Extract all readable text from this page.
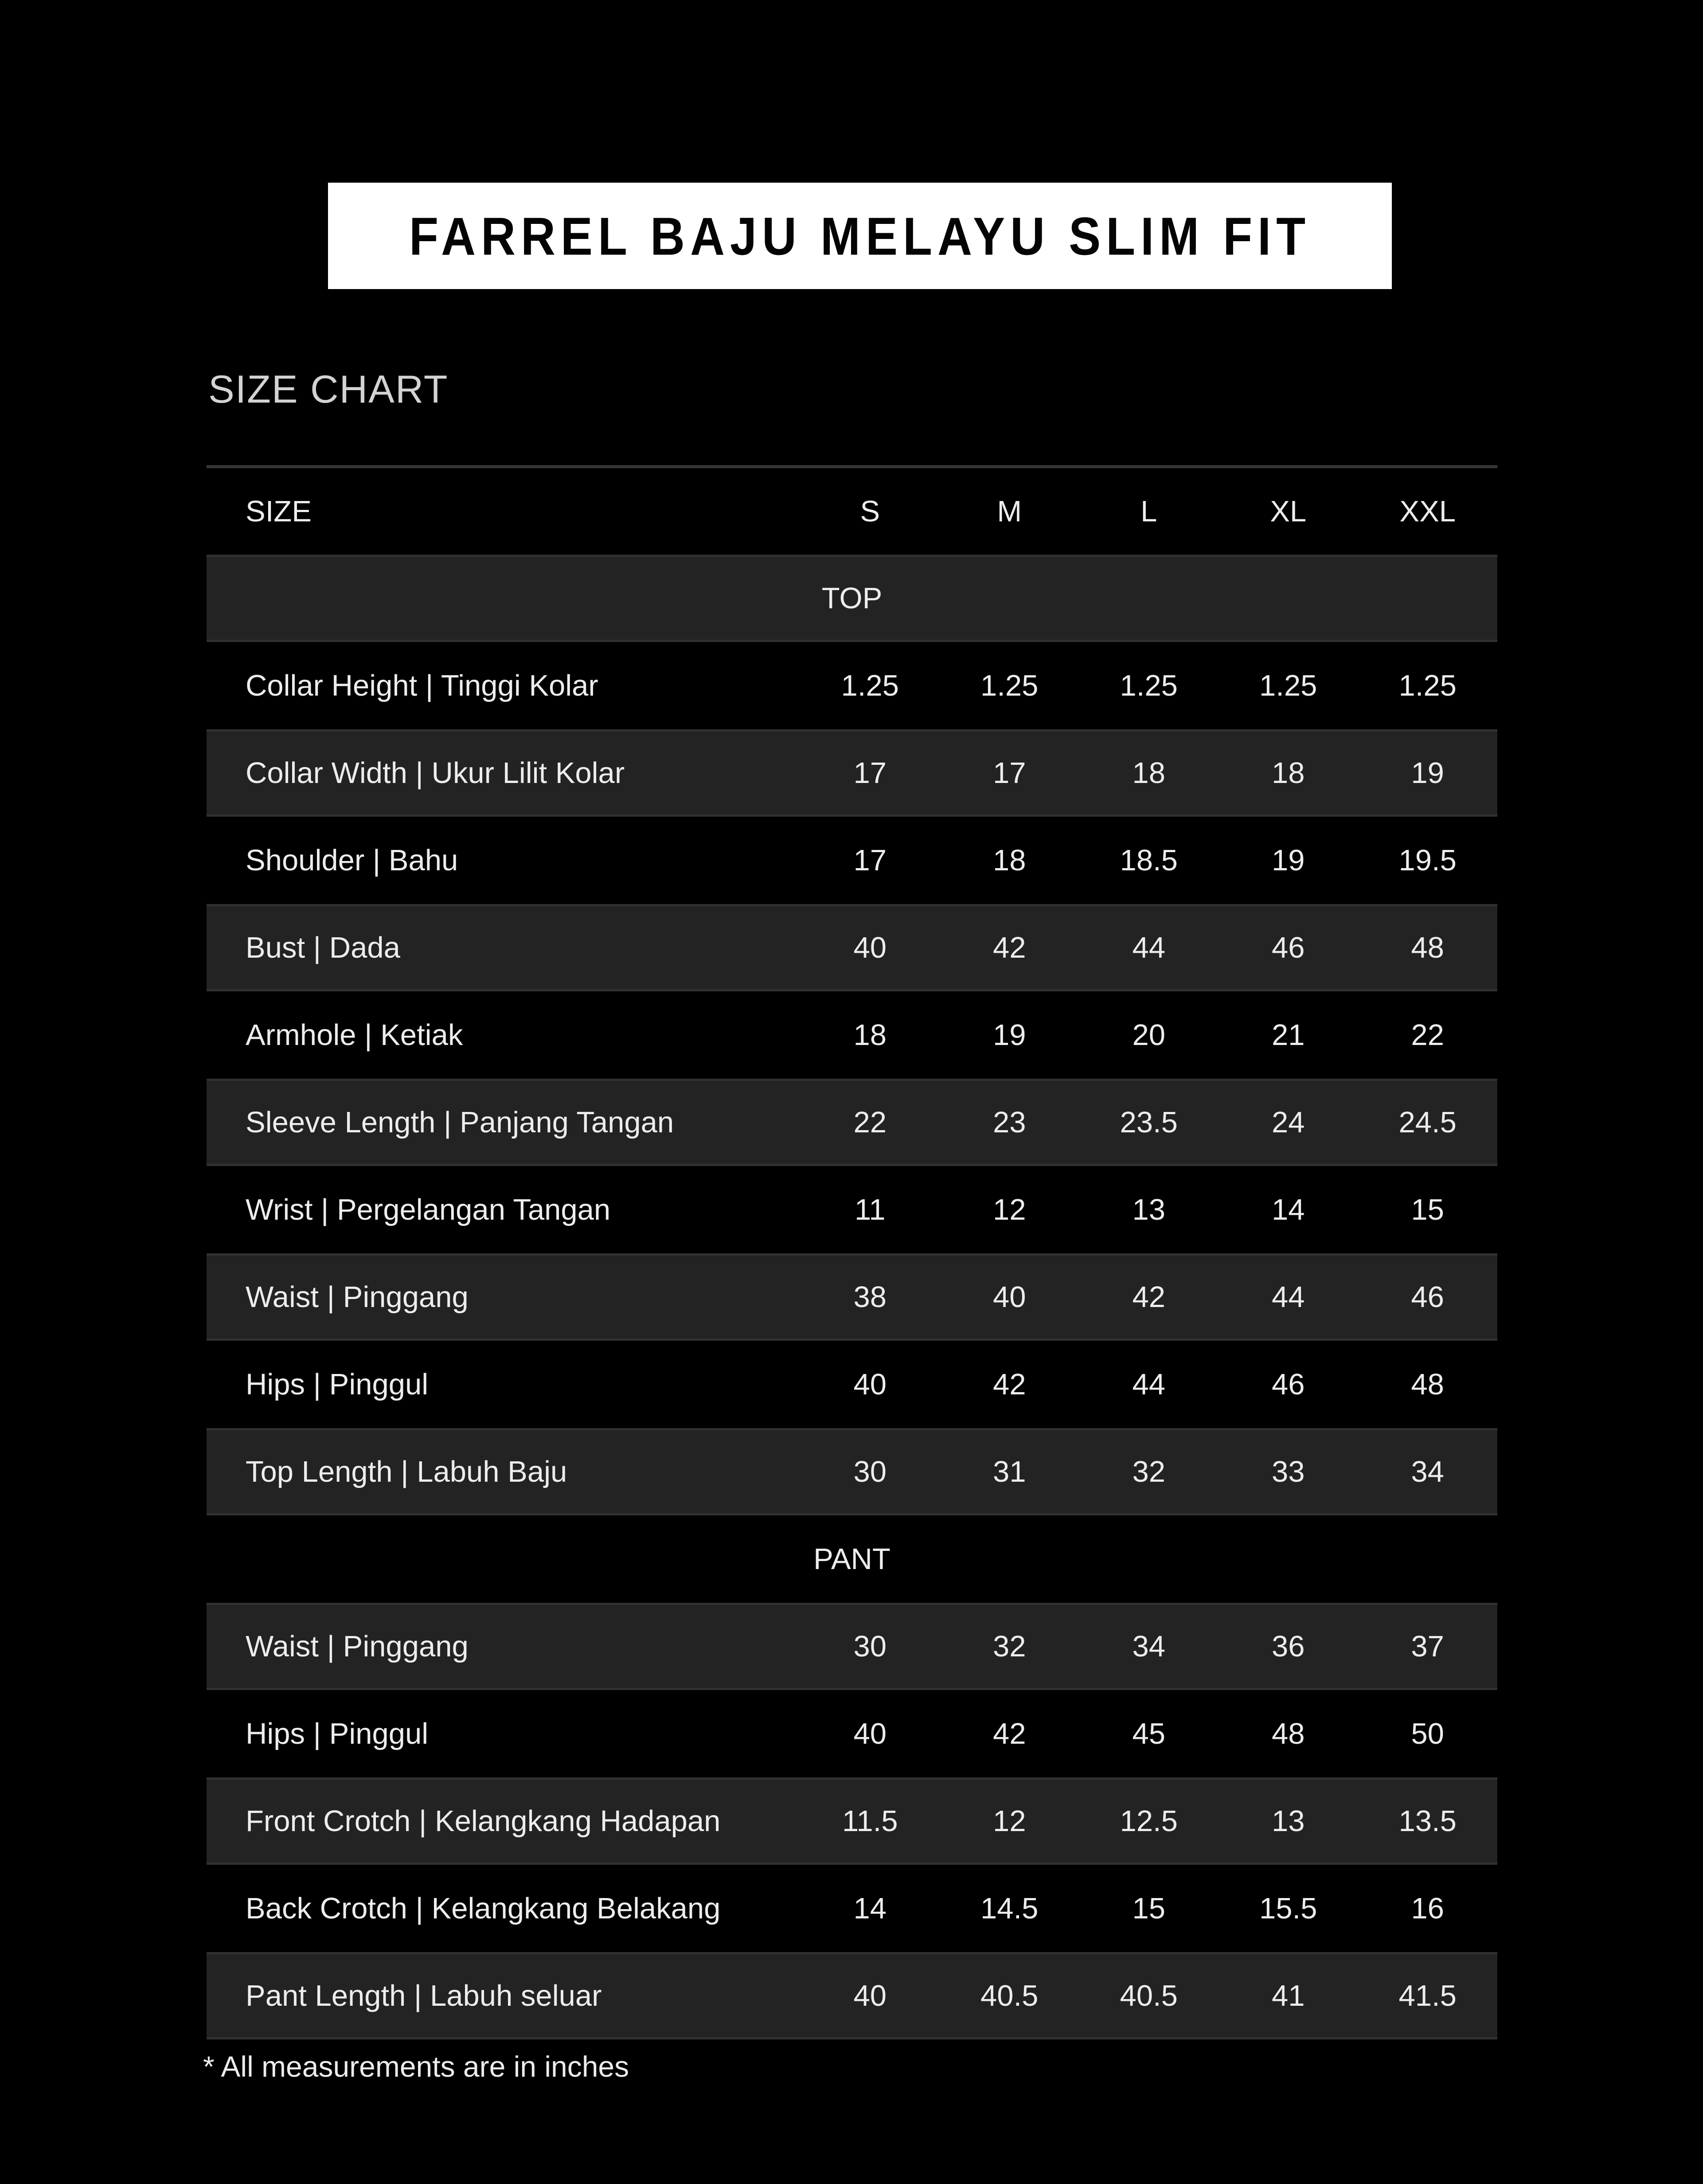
FARREL BAJU MELAYU SLIM FIT
SIZE CHART
SIZE	S	M	L	XL	XXL
TOP
Collar Height | Tinggi Kolar	1.25	1.25	1.25	1.25	1.25
Collar Width | Ukur Lilit Kolar	17	17	18	18	19
Shoulder | Bahu	17	18	18.5	19	19.5
Bust | Dada	40	42	44	46	48
Armhole | Ketiak	18	19	20	21	22
Sleeve Length | Panjang Tangan	22	23	23.5	24	24.5
Wrist | Pergelangan Tangan	11	12	13	14	15
Waist | Pinggang	38	40	42	44	46
Hips | Pinggul	40	42	44	46	48
Top Length | Labuh Baju	30	31	32	33	34
PANT
Waist | Pinggang	30	32	34	36	37
Hips | Pinggul	40	42	45	48	50
Front Crotch | Kelangkang Hadapan	11.5	12	12.5	13	13.5
Back Crotch | Kelangkang Belakang	14	14.5	15	15.5	16
Pant Length | Labuh seluar	40	40.5	40.5	41	41.5
* All measurements are in inches
